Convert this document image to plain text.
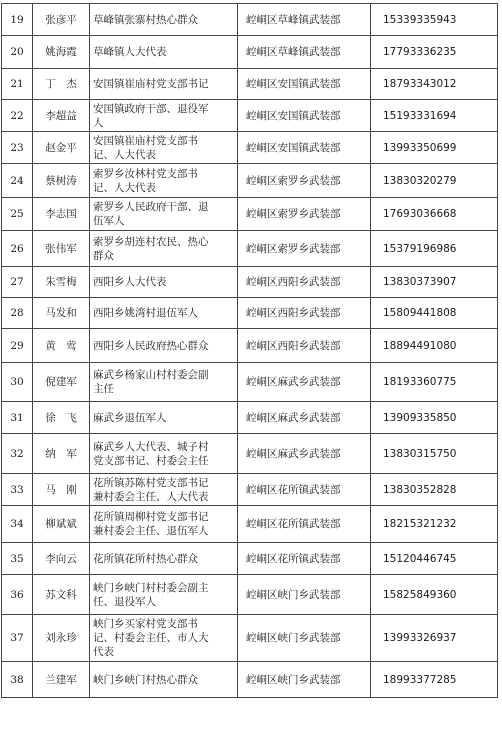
19	张彦平	草峰镇张寨村热心群众	崆峒区草峰镇武装部	15339335943
20	姚海霞	草峰镇人大代表	崆峒区草峰镇武装部	17793336235
21	丁　杰	安国镇崔庙村党支部书记	崆峒区安国镇武装部	18793343012
22	李超益	安国镇政府干部、退役军
人	崆峒区安国镇武装部	15193331694
23	赵金平	安国镇崔庙村党支部书
记、人大代表	崆峒区安国镇武装部	13993350699
24	蔡树涛	索罗乡汝林村党支部书
记、人大代表	崆峒区索罗乡武装部	13830320279
25	李志国	索罗乡人民政府干部、退
伍军人	崆峒区索罗乡武装部	17693036668
26	张伟军	索罗乡胡连村农民、热心
群众	崆峒区索罗乡武装部	15379196986
27	朱雪梅	西阳乡人大代表	崆峒区西阳乡武装部	13830373907
28	马发和	西阳乡姚湾村退伍军人	崆峒区西阳乡武装部	15809441808
29	黄　莺	西阳乡人民政府热心群众	崆峒区西阳乡武装部	18894491080
30	倪建军	麻武乡杨家山村村委会副
主任	崆峒区麻武乡武装部	18193360775
31	徐　飞	麻武乡退伍军人	崆峒区麻武乡武装部	13909335850
32	纳　军	麻武乡人大代表、城子村
党支部书记、村委会主任	崆峒区麻武乡武装部	13830315750
33	马　刚	花所镇苏陈村党支部书记
兼村委会主任、人大代表	崆峒区花所镇武装部	13830352828
34	柳斌斌	花所镇周柳村党支部书记
兼村委会主任、退伍军人	崆峒区花所镇武装部	18215321232
35	李向云	花所镇花所村热心群众	崆峒区花所镇武装部	15120446745
36	苏文科	峡门乡峡门村村委会副主
任、退役军人	崆峒区峡门乡武装部	15825849360
37	刘永珍	峡门乡买家村党支部书
记、村委会主任、市人大
代表	崆峒区峡门乡武装部	13993326937
38	兰建军	峡门乡峡门村热心群众	崆峒区峡门乡武装部	18993377285
